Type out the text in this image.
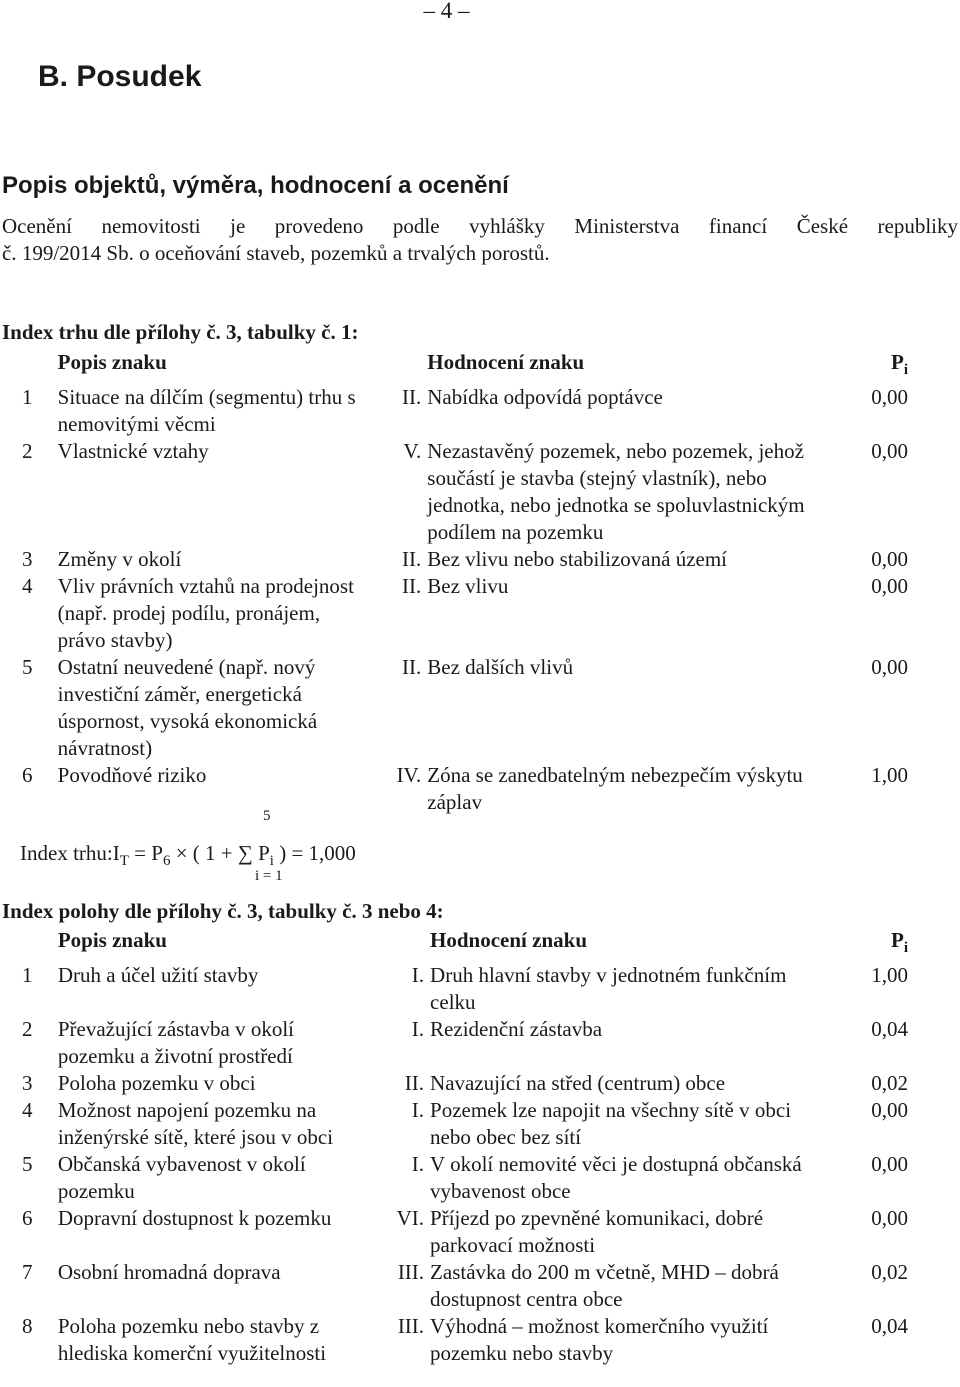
– 4 –
B. Posudek
Popis objektů, výměra, hodnocení a ocenění
Ocenění nemovitosti je provedeno podle vyhlášky Ministerstva financí České republiky
č. 199/2014 Sb. o oceňování staveb, pozemků a trvalých porostů.
Index trhu dle přílohy č. 3, tabulky č. 1:
	Popis znaku		Hodnocení znaku	$P_i$
1	Situace na dílčím (segmentu) trhu s nemovitými věcmi	II.	Nabídka odpovídá poptávce	0,00
2	Vlastnické vztahy	V.	Nezastavěný pozemek, nebo pozemek, jehož součástí je stavba (stejný vlastník), nebo jednotka, nebo jednotka se spoluvlastnickým podílem na pozemku	0,00
3	Změny v okolí	II.	Bez vlivu nebo stabilizovaná území	0,00
4	Vliv právních vztahů na prodejnost (např. prodej podílu, pronájem, právo stavby)	II.	Bez vlivu	0,00
5	Ostatní neuvedené (např. nový investiční záměr, energetická úspornost, vysoká ekonomická návratnost)	II.	Bez dalších vlivů	0,00
6	Povodňové riziko	IV.	Zóna se zanedbatelným nebezpečím výskytu záplav	1,00
5
Index $trhu:I_T = P_6$ × ( 1 + ∑ $P_i$ ) = 1,000
i = 1
Index polohy dle přílohy č. 3, tabulky č. 3 nebo 4:
	Popis znaku		Hodnocení znaku	$P_i$
1	Druh a účel užití stavby	I.	Druh hlavní stavby v jednotném funkčním celku	1,00
2	Převažující zástavba v okolí pozemku a životní prostředí	I.	Rezidenční zástavba	0,04
3	Poloha pozemku v obci	II.	Navazující na střed (centrum) obce	0,02
4	Možnost napojení pozemku na inženýrské sítě, které jsou v obci	I.	Pozemek lze napojit na všechny sítě v obci nebo obec bez sítí	0,00
5	Občanská vybavenost v okolí pozemku	I.	V okolí nemovité věci je dostupná občanská vybavenost obce	0,00
6	Dopravní dostupnost k pozemku	VI.	Příjezd po zpevněné komunikaci, dobré parkovací možnosti	0,00
7	Osobní hromadná doprava	III.	Zastávka do 200 m včetně, MHD – dobrá dostupnost centra obce	0,02
8	Poloha pozemku nebo stavby z hlediska komerční využitelnosti	III.	Výhodná – možnost komerčního využití pozemku nebo stavby	0,04
